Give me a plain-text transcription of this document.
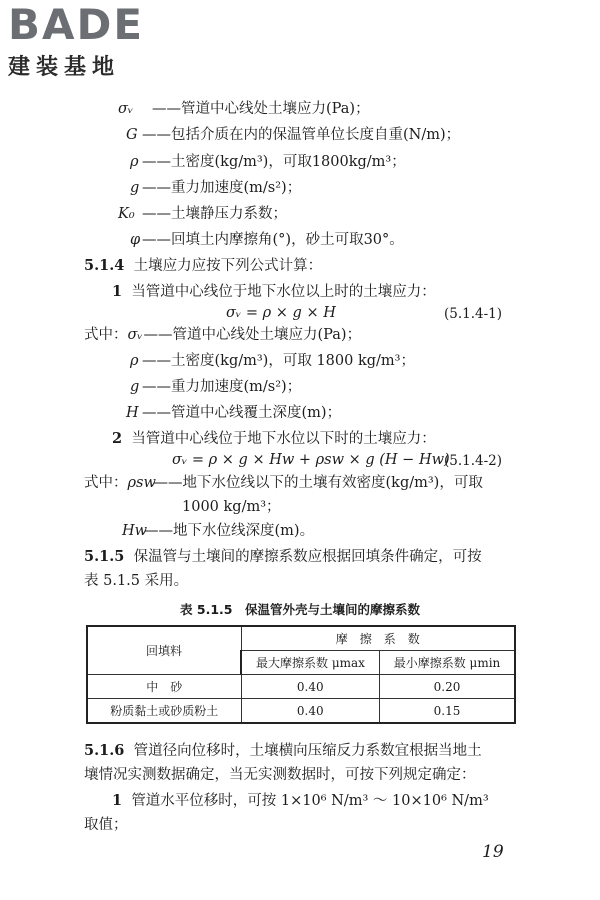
BADE
建装基地
σᵥ ——管道中心线处土壤应力(Pa)；
G ——包括介质在内的保温管单位长度自重(N/m)；
ρ ——土密度(kg/m³)，可取1800kg/m³；
g ——重力加速度(m/s²)；
K₀ ——土壤静压力系数；
φ ——回填土内摩擦角(°)，砂土可取30°。
5.1.4 土壤应力应按下列公式计算：
1 当管道中心线位于地下水位以上时的土壤应力：
σᵥ = ρ × g × H	(5.1.4-1)
式中：σᵥ——管道中心线处土壤应力(Pa)；
ρ ——土密度(kg/m³)，可取 1800 kg/m³；
g ——重力加速度(m/s²)；
H ——管道中心线覆土深度(m)；
2 当管道中心线位于地下水位以下时的土壤应力：
σᵥ = ρ × g × Hw + ρsw × g (H − Hw)
(5.1.4-2)
式中：ρsw——地下水位线以下的土壤有效密度(kg/m³)，可取
1000 kg/m³；
Hw——地下水位线深度(m)。
5.1.5 保温管与土壤间的摩擦系数应根据回填条件确定，可按
表 5.1.5 采用。
表 5.1.5　保温管外壳与土壤间的摩擦系数
回填料	摩　擦　系　数	
	最大摩擦系数 μmax	最小摩擦系数 μmin
中　砂	0.40	0.20
粉质黏土或砂质粉土	0.40	0.15
5.1.6 管道径向位移时，土壤横向压缩反力系数宜根据当地土
壤情况实测数据确定，当无实测数据时，可按下列规定确定：
1 管道水平位移时，可按 1×10⁶ N/m³ ～ 10×10⁶ N/m³
取值；
19
